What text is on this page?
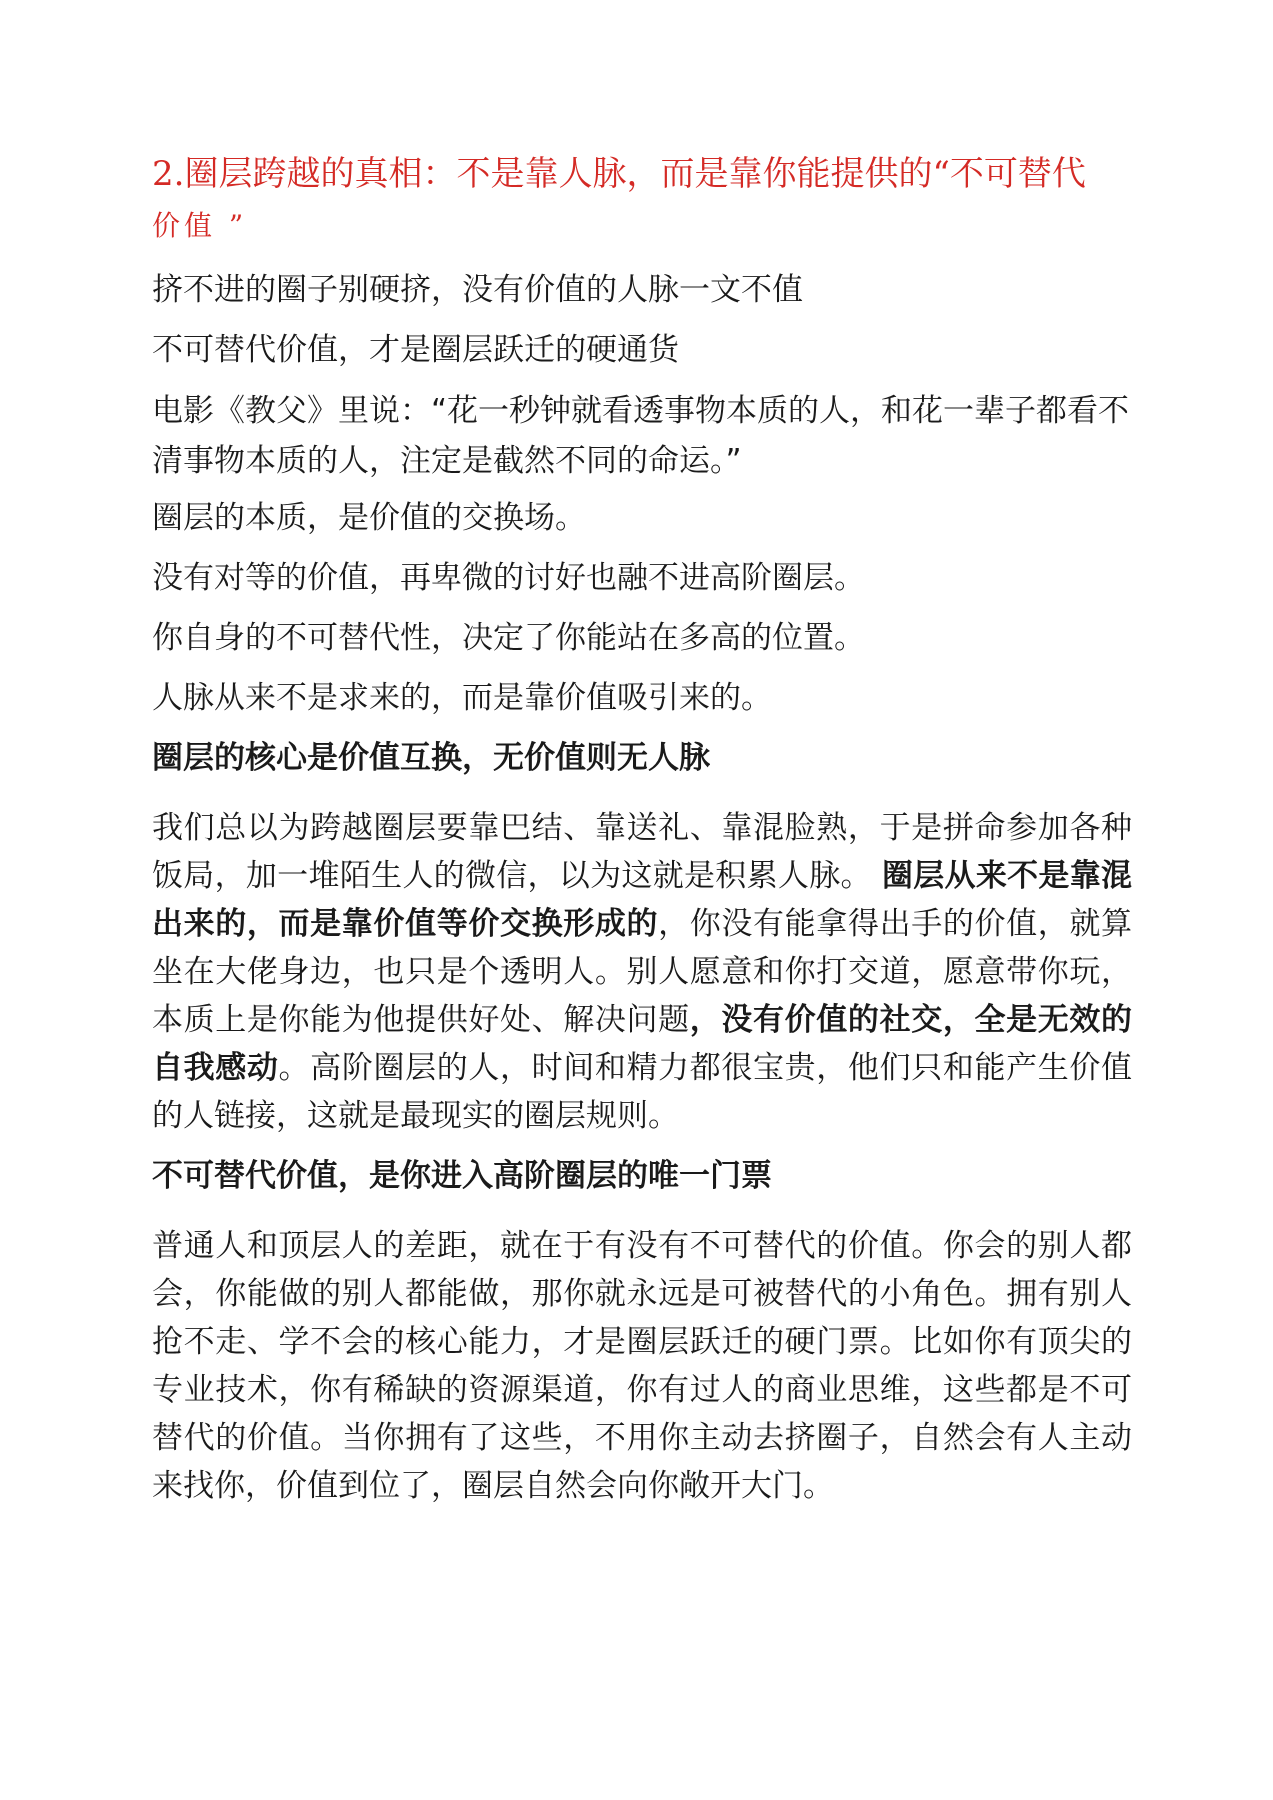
2.圈层跨越的真相：不是靠人脉，而是靠你能提供的“不可替代
价值 ”
挤不进的圈子别硬挤，没有价值的人脉一文不值
不可替代价值，才是圈层跃迁的硬通货
电影《教父》里说：“花一秒钟就看透事物本质的人，和花一辈子都看不清事物本质的人，注定是截然不同的命运。”
圈层的本质，是价值的交换场。
没有对等的价值，再卑微的讨好也融不进高阶圈层。
你自身的不可替代性，决定了你能站在多高的位置。
人脉从来不是求来的，而是靠价值吸引来的。
圈层的核心是价值互换，无价值则无人脉
我们总以为跨越圈层要靠巴结、靠送礼、靠混脸熟，于是拼命参加各种饭局，加一堆陌生人的微信，以为这就是积累人脉。 圈层从来不是靠混出来的，而是靠价值等价交换形成的，你没有能拿得出手的价值，就算坐在大佬身边，也只是个透明人。别人愿意和你打交道，愿意带你玩，本质上是你能为他提供好处、解决问题，没有价值的社交，全是无效的自我感动。高阶圈层的人，时间和精力都很宝贵，他们只和能产生价值的人链接，这就是最现实的圈层规则。
不可替代价值，是你进入高阶圈层的唯一门票
普通人和顶层人的差距，就在于有没有不可替代的价值。你会的别人都会，你能做的别人都能做，那你就永远是可被替代的小角色。拥有别人抢不走、学不会的核心能力，才是圈层跃迁的硬门票。比如你有顶尖的专业技术，你有稀缺的资源渠道，你有过人的商业思维，这些都是不可替代的价值。当你拥有了这些，不用你主动去挤圈子，自然会有人主动来找你，价值到位了，圈层自然会向你敞开大门。
